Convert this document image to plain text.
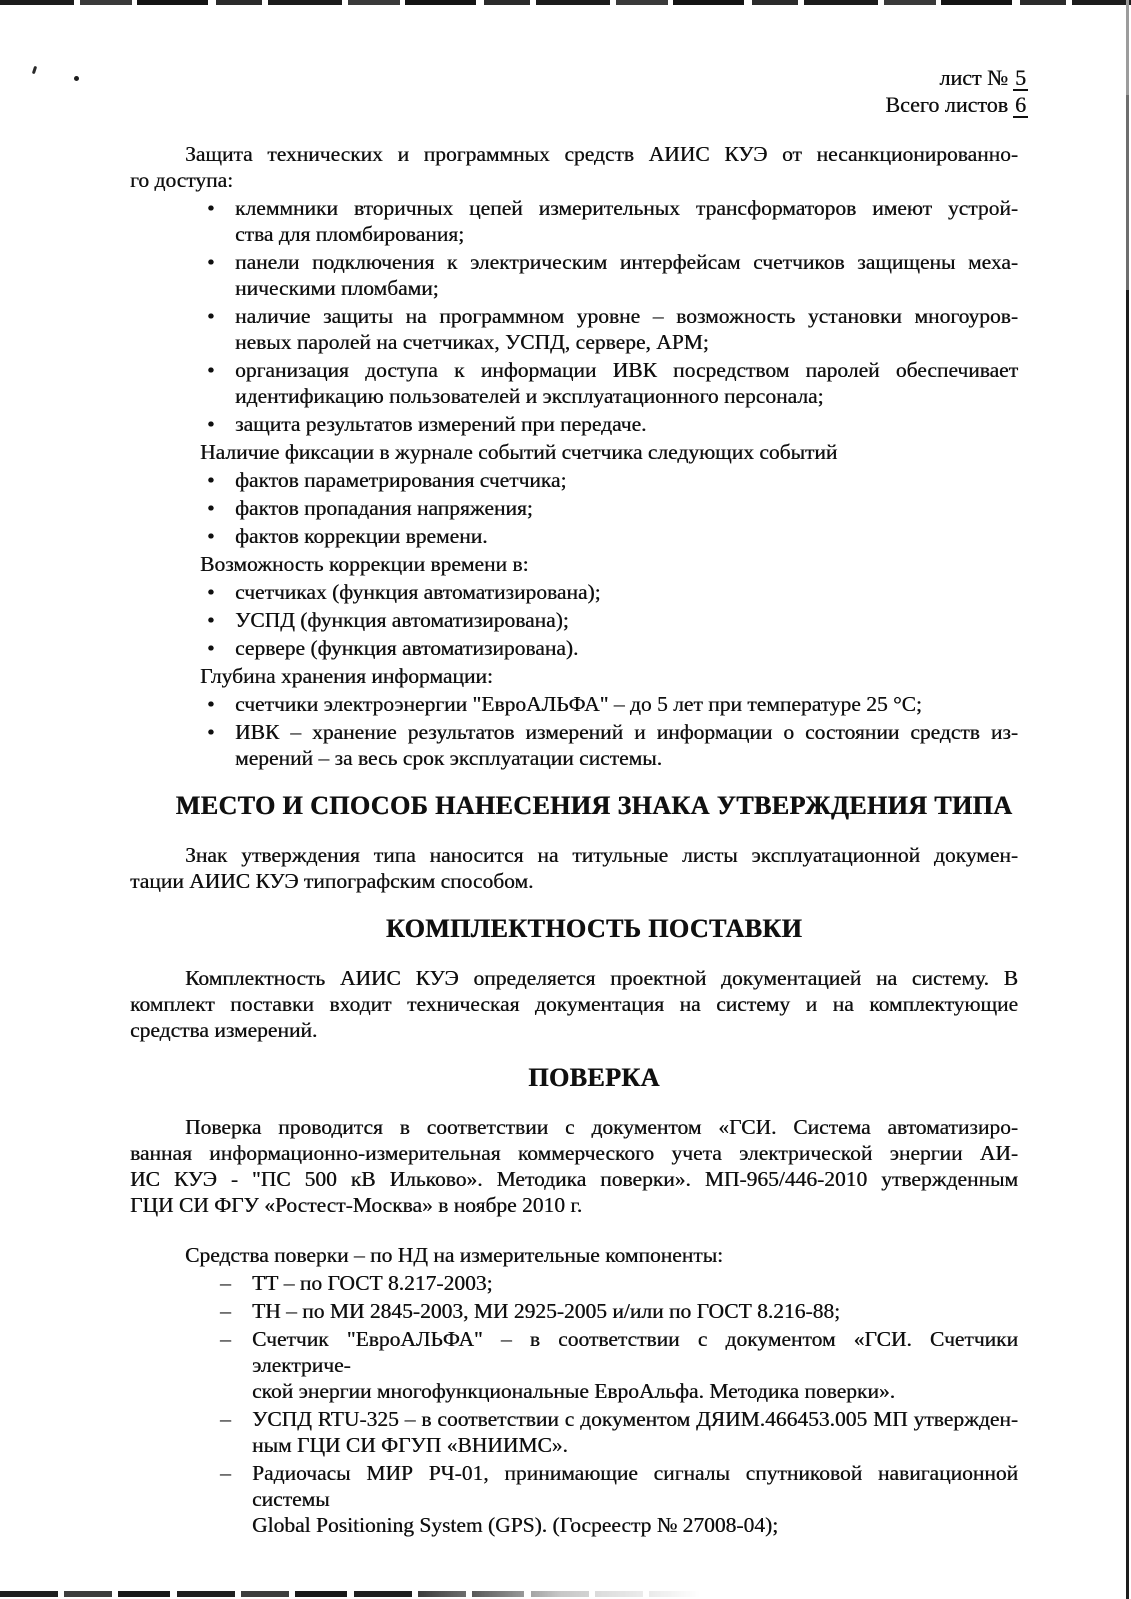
лист № 5
Всего листов 6
Защита технических и программных средств АИИС КУЭ от несанкционированно-
го доступа:
• клеммники вторичных цепей измерительных трансформаторов имеют устрой-
ства для пломбирования;
• панели подключения к электрическим интерфейсам счетчиков защищены меха-
ническими пломбами;
• наличие защиты на программном уровне – возможность установки многоуров-
невых паролей на счетчиках, УСПД, сервере, АРМ;
• организация доступа к информации ИВК посредством паролей обеспечивает
идентификацию пользователей и эксплуатационного персонала;
• защита результатов измерений при передаче.
Наличие фиксации в журнале событий счетчика следующих событий
• фактов параметрирования счетчика;
• фактов пропадания напряжения;
• фактов коррекции времени.
Возможность коррекции времени в:
• счетчиках (функция автоматизирована);
• УСПД (функция автоматизирована);
• сервере (функция автоматизирована).
Глубина хранения информации:
• счетчики электроэнергии "ЕвроАЛЬФА" – до 5 лет при температуре 25 °С;
• ИВК – хранение результатов измерений и информации о состоянии средств из-
мерений – за весь срок эксплуатации системы.
МЕСТО И СПОСОБ НАНЕСЕНИЯ ЗНАКА УТВЕРЖДЕНИЯ ТИПА
Знак утверждения типа наносится на титульные листы эксплуатационной докумен-
тации АИИС КУЭ типографским способом.
КОМПЛЕКТНОСТЬ ПОСТАВКИ
Комплектность АИИС КУЭ определяется проектной документацией на систему. В
комплект поставки входит техническая документация на систему и на комплектующие
средства измерений.
ПОВЕРКА
Поверка проводится в соответствии с документом «ГСИ. Система автоматизиро-
ванная информационно-измерительная коммерческого учета электрической энергии АИ-
ИС КУЭ - "ПС 500 кВ Ильково». Методика поверки». МП-965/446-2010 утвержденным
ГЦИ СИ ФГУ «Ростест-Москва» в ноябре 2010 г.
Средства поверки – по НД на измерительные компоненты:
– ТТ – по ГОСТ 8.217-2003;
– ТН – по МИ 2845-2003, МИ 2925-2005 и/или по ГОСТ 8.216-88;
– Счетчик "ЕвроАЛЬФА" – в соответствии с документом «ГСИ. Счетчики электриче-
ской энергии многофункциональные ЕвроАльфа. Методика поверки».
– УСПД RTU-325 – в соответствии с документом ДЯИМ.466453.005 МП утвержден-
ным ГЦИ СИ ФГУП «ВНИИМС».
– Радиочасы МИР РЧ-01, принимающие сигналы спутниковой навигационной системы
Global Positioning System (GPS). (Госреестр № 27008-04);
